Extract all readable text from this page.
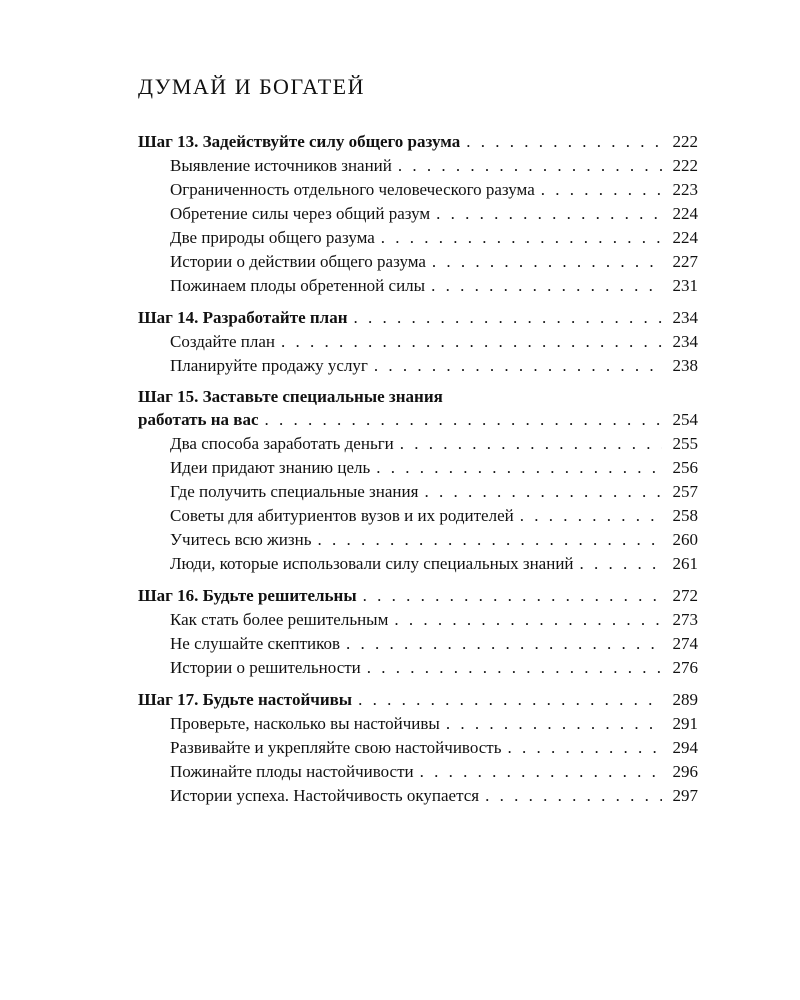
ДУМАЙ И БОГАТЕЙ
Шаг 13. Задействуйте силу общего разума . . .	222
Выявление источников знаний . . .	222
Ограниченность отдельного человеческого разума . . .	223
Обретение силы через общий разум . . .	224
Две природы общего разума . . .	224
Истории о действии общего разума . . .	227
Пожинаем плоды обретенной силы . . .	231
Шаг 14. Разработайте план . . .	234
Создайте план . . .	234
Планируйте продажу услуг . . .	238
Шаг 15. Заставьте специальные знания
работать на вас . . .	254
Два способа заработать деньги . . .	255
Идеи придают знанию цель . . .	256
Где получить специальные знания . . .	257
Советы для абитуриентов вузов и их родителей . . .	258
Учитесь всю жизнь . . .	260
Люди, которые использовали силу специальных знаний . . .	261
Шаг 16. Будьте решительны . . .	272
Как стать более решительным . . .	273
Не слушайте скептиков . . .	274
Истории о решительности . . .	276
Шаг 17. Будьте настойчивы . . .	289
Проверьте, насколько вы настойчивы . . .	291
Развивайте и укрепляйте свою настойчивость . . .	294
Пожинайте плоды настойчивости . . .	296
Истории успеха. Настойчивость окупается . . .	297
